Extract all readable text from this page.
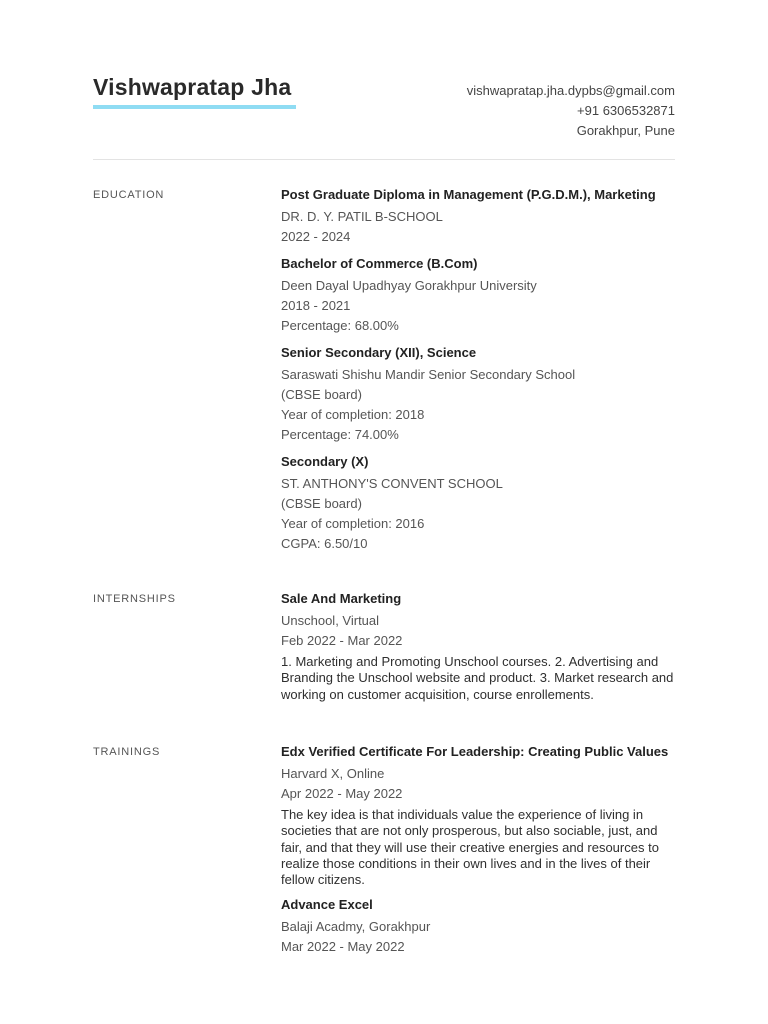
Vishwapratap Jha	vishwapratap.jha.dypbs@gmail.com
+91 6306532871
Gorakhpur, Pune
EDUCATION	Post Graduate Diploma in Management (P.G.D.M.), Marketing
DR. D. Y. PATIL B-SCHOOL
2022 - 2024
Bachelor of Commerce (B.Com)
Deen Dayal Upadhyay Gorakhpur University
2018 - 2021
Percentage: 68.00%
Senior Secondary (XII), Science
Saraswati Shishu Mandir Senior Secondary School
(CBSE board)
Year of completion: 2018
Percentage: 74.00%
Secondary (X)
ST. ANTHONY'S CONVENT SCHOOL
(CBSE board)
Year of completion: 2016
CGPA: 6.50/10
INTERNSHIPS	Sale And Marketing
Unschool, Virtual
Feb 2022 - Mar 2022
1. Marketing and Promoting Unschool courses. 2. Advertising and Branding the Unschool website and product. 3. Market research and working on customer acquisition, course enrollements.
TRAININGS	Edx Verified Certificate For Leadership: Creating Public Values
Harvard X, Online
Apr 2022 - May 2022
The key idea is that individuals value the experience of living in societies that are not only prosperous, but also sociable, just, and fair, and that they will use their creative energies and resources to realize those conditions in their own lives and in the lives of their fellow citizens.
Advance Excel
Balaji Acadmy, Gorakhpur
Mar 2022 - May 2022
